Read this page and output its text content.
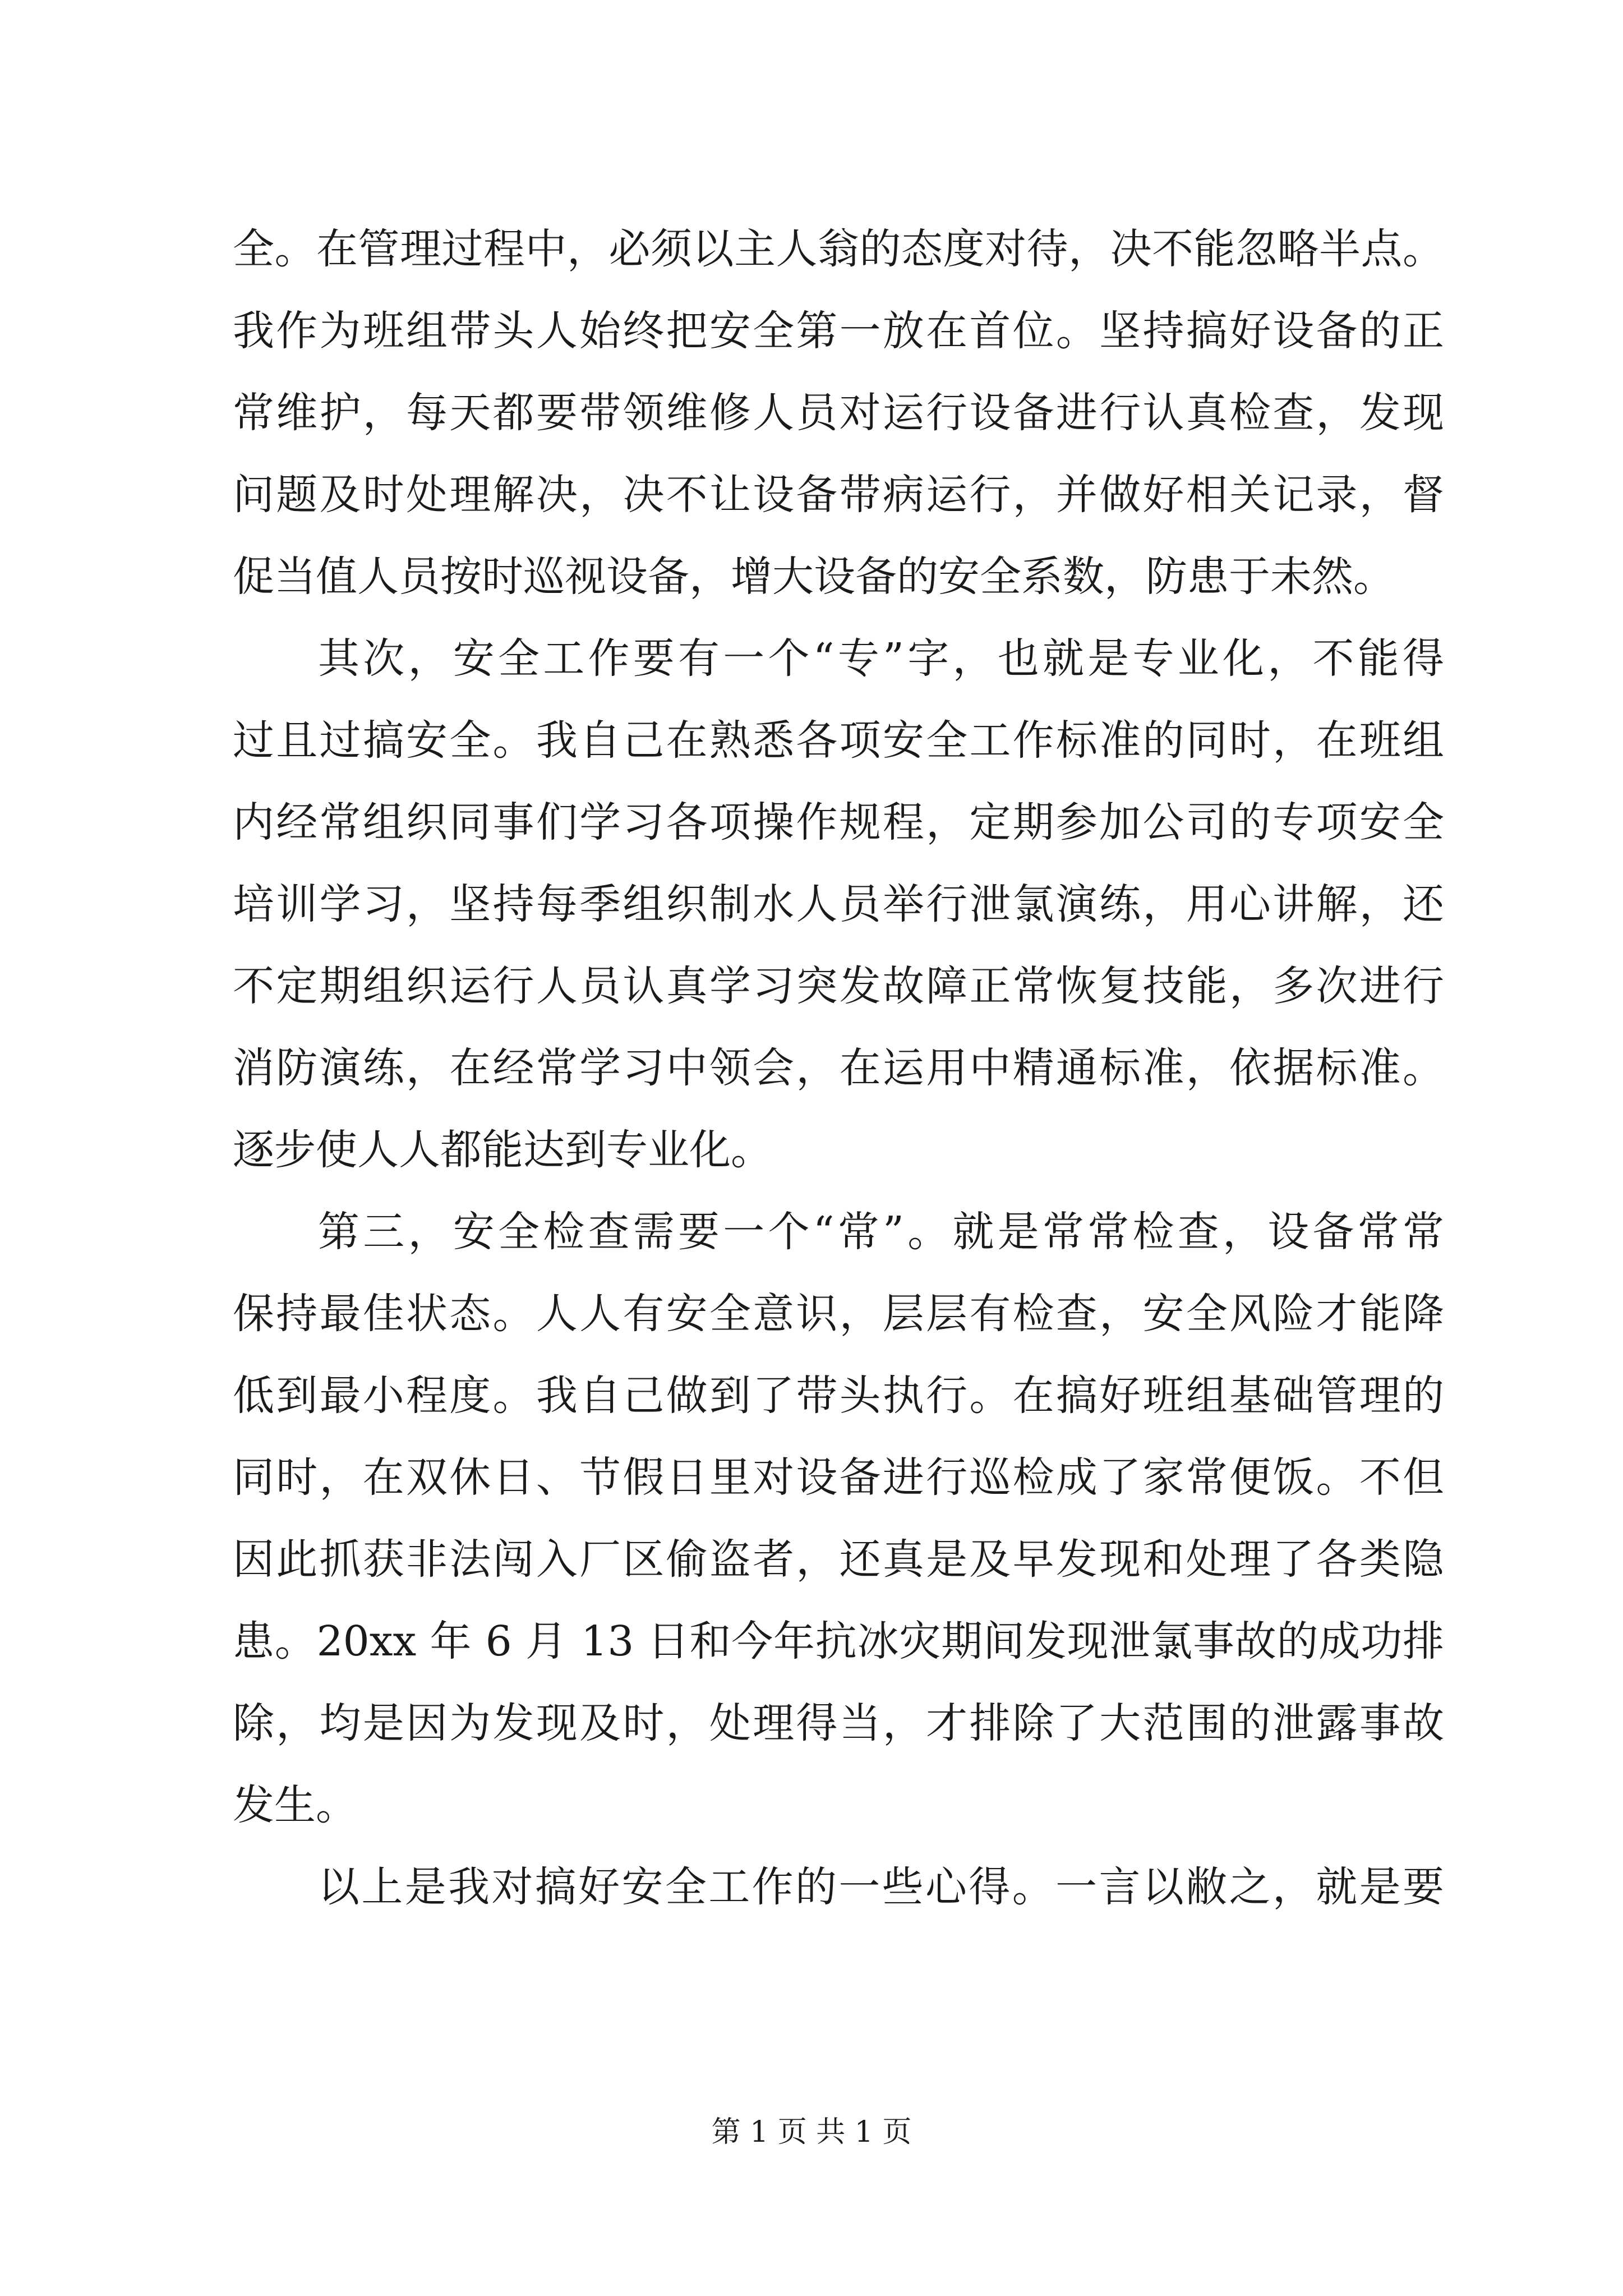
全。在管理过程中，必须以主人翁的态度对待，决不能忽略半点。
我作为班组带头人始终把安全第一放在首位。坚持搞好设备的正
常维护，每天都要带领维修人员对运行设备进行认真检查，发现
问题及时处理解决，决不让设备带病运行，并做好相关记录，督
促当值人员按时巡视设备，增大设备的安全系数，防患于未然。
其次，安全工作要有一个“专”字，也就是专业化，不能得
过且过搞安全。我自己在熟悉各项安全工作标准的同时，在班组
内经常组织同事们学习各项操作规程，定期参加公司的专项安全
培训学习，坚持每季组织制水人员举行泄氯演练，用心讲解，还
不定期组织运行人员认真学习突发故障正常恢复技能，多次进行
消防演练，在经常学习中领会，在运用中精通标准，依据标准。
逐步使人人都能达到专业化。
第三，安全检查需要一个“常”。就是常常检查，设备常常
保持最佳状态。人人有安全意识，层层有检查，安全风险才能降
低到最小程度。我自己做到了带头执行。在搞好班组基础管理的
同时，在双休日、节假日里对设备进行巡检成了家常便饭。不但
因此抓获非法闯入厂区偷盗者，还真是及早发现和处理了各类隐
患。20xx 年 6 月 13 日和今年抗冰灾期间发现泄氯事故的成功排
除，均是因为发现及时，处理得当，才排除了大范围的泄露事故
发生。
以上是我对搞好安全工作的一些心得。一言以敝之，就是要
第 1 页 共 1 页
